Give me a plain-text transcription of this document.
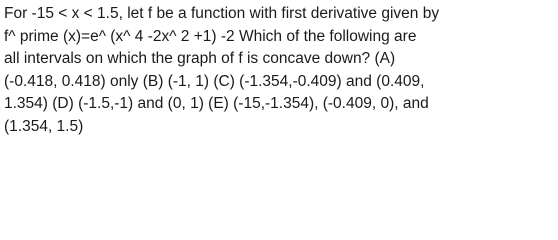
For -15 < x < 1.5, let f be a function with first derivative given by
f^ prime (x)=e^ (x^ 4 -2x^ 2 +1) -2 Which of the following are
all intervals on which the graph of f is concave down? (A)
(-0.418, 0.418) only (B) (-1, 1) (C) (-1.354,-0.409) and (0.409,
1.354) (D) (-1.5,-1) and (0, 1) (E) (-15,-1.354), (-0.409, 0), and
(1.354, 1.5)
